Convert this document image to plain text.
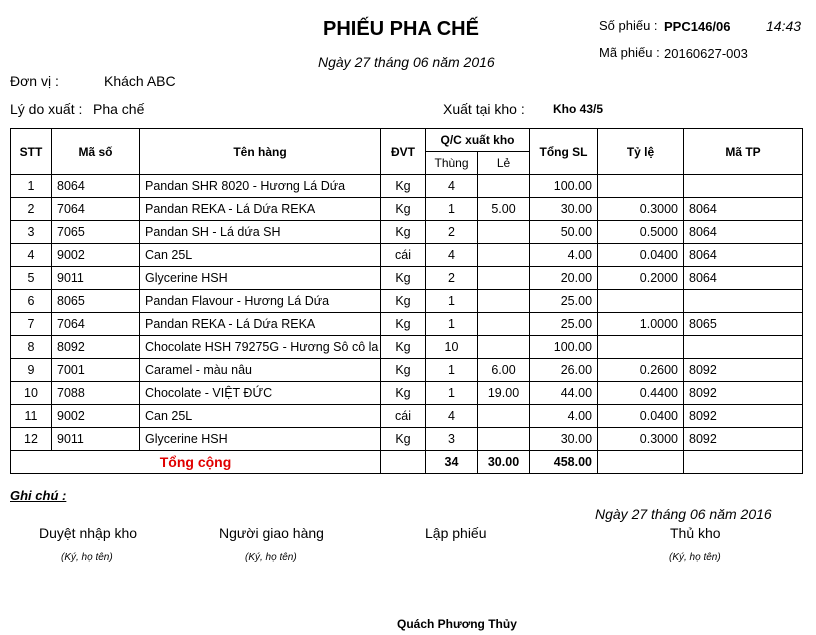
PHIẾU PHA CHẾ
Ngày 27 tháng 06 năm 2016
Số phiếu : PPC146/06	14:43
Mã phiếu : 20160627-003
Đơn vị :	Khách ABC
Lý do xuất : Pha chế	Xuất tại kho : Kho 43/5
STT	Mã số	Tên hàng	ĐVT	Q/C xuất kho		Tổng SL	Tỷ lệ	Mã TP
				Thùng	Lẻ			
1	8064	Pandan SHR 8020 - Hương Lá Dứa	Kg	4		100.00		
2	7064	Pandan REKA - Lá Dứa REKA	Kg	1	5.00	30.00	0.3000	8064
3	7065	Pandan SH - Lá dứa SH	Kg	2		50.00	0.5000	8064
4	9002	Can 25L	cái	4		4.00	0.0400	8064
5	9011	Glycerine HSH	Kg	2		20.00	0.2000	8064
6	8065	Pandan Flavour - Hương Lá Dứa	Kg	1		25.00		
7	7064	Pandan REKA - Lá Dứa REKA	Kg	1		25.00	1.0000	8065
8	8092	Chocolate HSH 79275G - Hương Sô cô la	Kg	10		100.00		
9	7001	Caramel - màu nâu	Kg	1	6.00	26.00	0.2600	8092
10	7088	Chocolate - VIỆT ĐỨC	Kg	1	19.00	44.00	0.4400	8092
11	9002	Can 25L	cái	4		4.00	0.0400	8092
12	9011	Glycerine HSH	Kg	3		30.00	0.3000	8092
Tổng cộng				34	30.00	458.00		
Ghi chú :
Ngày 27 tháng 06 năm 2016
Duyệt nhập kho	Người giao hàng	Lập phiếu	Thủ kho
(Ký, họ tên)	(Ký, họ tên)	(Ký, họ tên)
Quách Phương Thủy
